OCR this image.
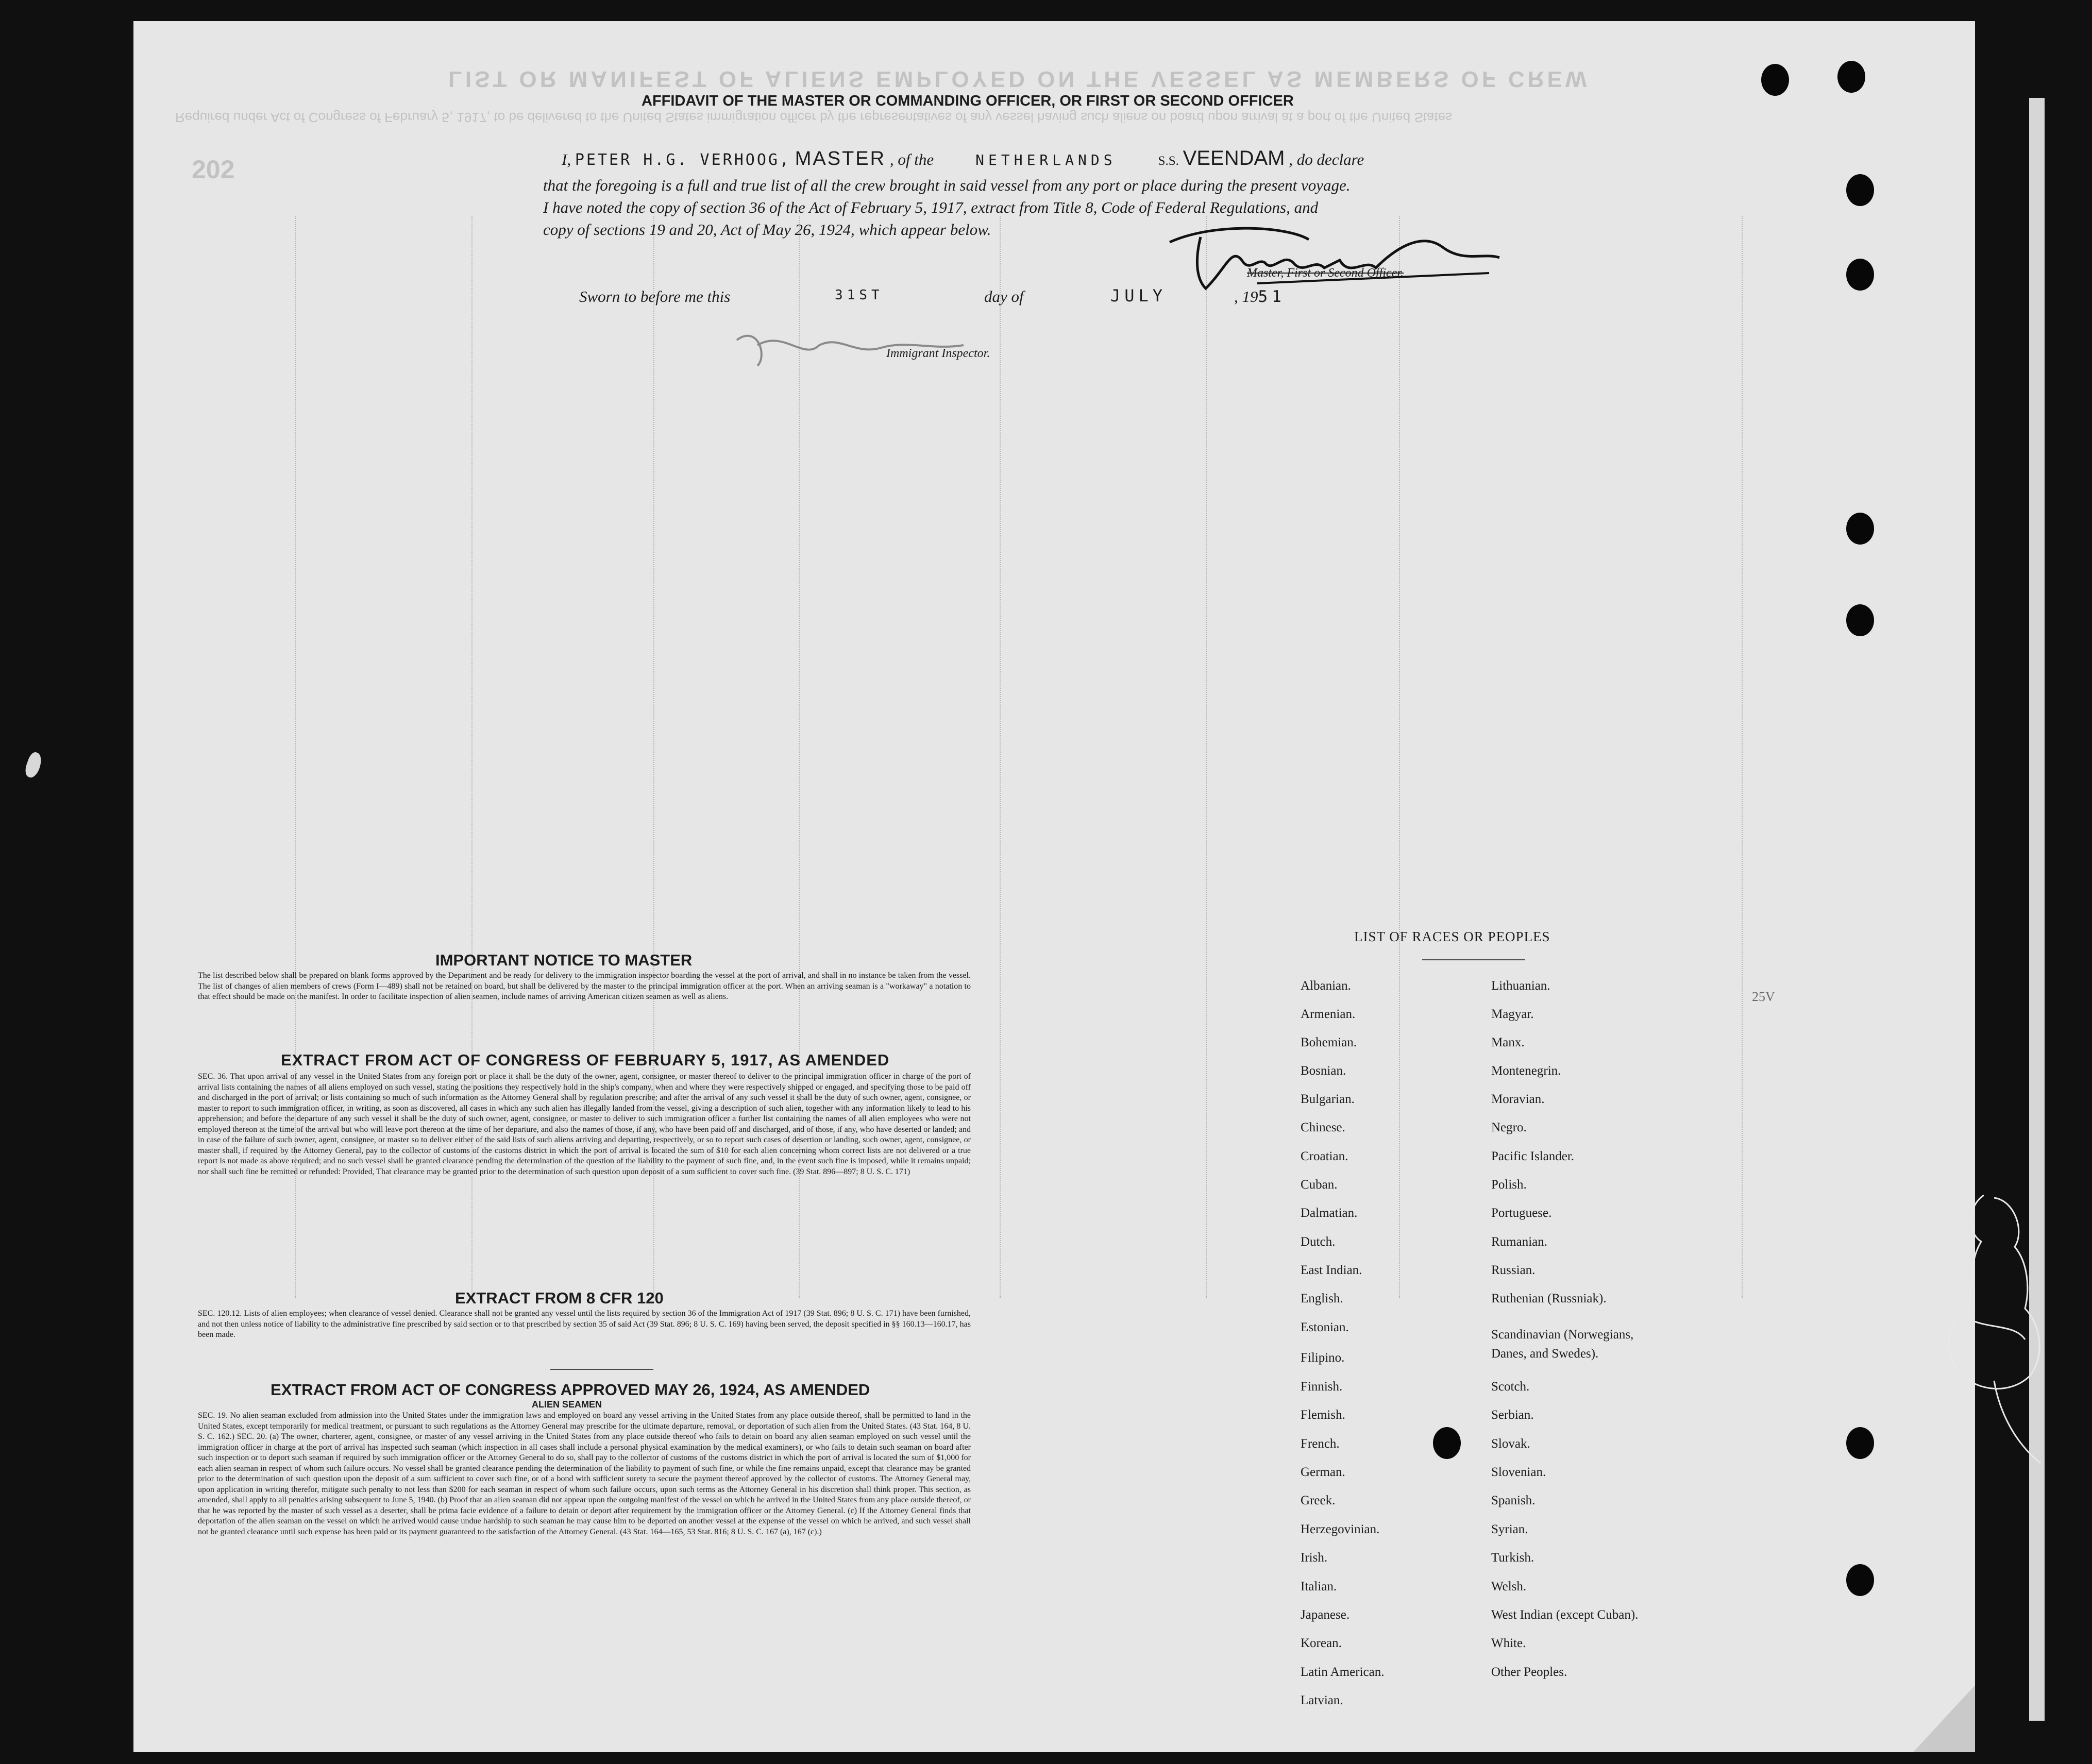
LIST OR MANIFEST OF ALIENS EMPLOYED ON THE VESSEL AS MEMBERS OF CREW
Required under Act of Congress of February 5, 1917, to be delivered to the United States immigration officer by the representatives of any vessel having such aliens on board upon arrival at a port of the United States
202
AFFIDAVIT OF THE MASTER OR COMMANDING OFFICER, OR FIRST OR SECOND OFFICER
I, PETER H.G. VERHOOG, MASTER , of the	NETHERLANDS	S.S. VEENDAM , do declare
that the foregoing is a full and true list of all the crew brought in said vessel from any port or place during the present voyage.
I have noted the copy of section 36 of the Act of February 5, 1917, extract from Title 8, Code of Federal Regulations, and
copy of sections 19 and 20, Act of May 26, 1924, which appear below.
Master, First or Second Officer.
Sworn to before me this	31ST	day of	JULY	, 1951
Immigrant Inspector.
IMPORTANT NOTICE TO MASTER
The list described below shall be prepared on blank forms approved by the Department and be ready for delivery to the immigration inspector boarding the vessel at the port of arrival, and shall in no instance be taken from the vessel. The list of changes of alien members of crews (Form I—489) shall not be retained on board, but shall be delivered by the master to the principal immigration officer at the port. When an arriving seaman is a "workaway" a notation to that effect should be made on the manifest. In order to facilitate inspection of alien seamen, include names of arriving American citizen seamen as well as aliens.
EXTRACT FROM ACT OF CONGRESS OF FEBRUARY 5, 1917, AS AMENDED
SEC. 36. That upon arrival of any vessel in the United States from any foreign port or place it shall be the duty of the owner, agent, consignee, or master thereof to deliver to the principal immigration officer in charge of the port of arrival lists containing the names of all aliens employed on such vessel, stating the positions they respectively hold in the ship's company, when and where they were respectively shipped or engaged, and specifying those to be paid off and discharged in the port of arrival; or lists containing so much of such information as the Attorney General shall by regulation prescribe; and after the arrival of any such vessel it shall be the duty of such owner, agent, consignee, or master to report to such immigration officer, in writing, as soon as discovered, all cases in which any such alien has illegally landed from the vessel, giving a description of such alien, together with any information likely to lead to his apprehension; and before the departure of any such vessel it shall be the duty of such owner, agent, consignee, or master to deliver to such immigration officer a further list containing the names of all alien employees who were not employed thereon at the time of the arrival but who will leave port thereon at the time of her departure, and also the names of those, if any, who have been paid off and discharged, and of those, if any, who have deserted or landed; and in case of the failure of such owner, agent, consignee, or master so to deliver either of the said lists of such aliens arriving and departing, respectively, or so to report such cases of desertion or landing, such owner, agent, consignee, or master shall, if required by the Attorney General, pay to the collector of customs of the customs district in which the port of arrival is located the sum of $10 for each alien concerning whom correct lists are not delivered or a true report is not made as above required; and no such vessel shall be granted clearance pending the determination of the question of the liability to the payment of such fine, and, in the event such fine is imposed, while it remains unpaid; nor shall such fine be remitted or refunded: Provided, That clearance may be granted prior to the determination of such question upon deposit of a sum sufficient to cover such fine. (39 Stat. 896—897; 8 U. S. C. 171)
EXTRACT FROM 8 CFR 120
SEC. 120.12. Lists of alien employees; when clearance of vessel denied. Clearance shall not be granted any vessel until the lists required by section 36 of the Immigration Act of 1917 (39 Stat. 896; 8 U. S. C. 171) have been furnished, and not then unless notice of liability to the administrative fine prescribed by said section or to that prescribed by section 35 of said Act (39 Stat. 896; 8 U. S. C. 169) having been served, the deposit specified in §§ 160.13—160.17, has been made.
EXTRACT FROM ACT OF CONGRESS APPROVED MAY 26, 1924, AS AMENDED
ALIEN SEAMEN
SEC. 19. No alien seaman excluded from admission into the United States under the immigration laws and employed on board any vessel arriving in the United States from any place outside thereof, shall be permitted to land in the United States, except temporarily for medical treatment, or pursuant to such regulations as the Attorney General may prescribe for the ultimate departure, removal, or deportation of such alien from the United States. (43 Stat. 164, 8 U. S. C. 162.) SEC. 20. (a) The owner, charterer, agent, consignee, or master of any vessel arriving in the United States from any place outside thereof who fails to detain on board any alien seaman employed on such vessel until the immigration officer in charge at the port of arrival has inspected such seaman (which inspection in all cases shall include a personal physical examination by the medical examiners), or who fails to detain such seaman on board after such inspection or to deport such seaman if required by such immigration officer or the Attorney General to do so, shall pay to the collector of customs of the customs district in which the port of arrival is located the sum of $1,000 for each alien seaman in respect of whom such failure occurs. No vessel shall be granted clearance pending the determination of the liability to payment of such fine, or while the fine remains unpaid, except that clearance may be granted prior to the determination of such question upon the deposit of a sum sufficient to cover such fine, or of a bond with sufficient surety to secure the payment thereof approved by the collector of customs. The Attorney General may, upon application in writing therefor, mitigate such penalty to not less than $200 for each seaman in respect of whom such failure occurs, upon such terms as the Attorney General in his discretion shall think proper. This section, as amended, shall apply to all penalties arising subsequent to June 5, 1940. (b) Proof that an alien seaman did not appear upon the outgoing manifest of the vessel on which he arrived in the United States from any place outside thereof, or that he was reported by the master of such vessel as a deserter, shall be prima facie evidence of a failure to detain or deport after requirement by the immigration officer or the Attorney General. (c) If the Attorney General finds that deportation of the alien seaman on the vessel on which he arrived would cause undue hardship to such seaman he may cause him to be deported on another vessel at the expense of the vessel on which he arrived, and such vessel shall not be granted clearance until such expense has been paid or its payment guaranteed to the satisfaction of the Attorney General. (43 Stat. 164—165, 53 Stat. 816; 8 U. S. C. 167 (a), 167 (c).)
LIST OF RACES OR PEOPLES
Albanian.
Armenian.
Bohemian.
Bosnian.
Bulgarian.
Chinese.
Croatian.
Cuban.
Dalmatian.
Dutch.
East Indian.
English.
Estonian.
Filipino.
Finnish.
Flemish.
French.
German.
Greek.
Herzegovinian.
Irish.
Italian.
Japanese.
Korean.
Latin American.
Latvian.
Lithuanian.
Magyar.
Manx.
Montenegrin.
Moravian.
Negro.
Pacific Islander.
Polish.
Portuguese.
Rumanian.
Russian.
Ruthenian (Russniak).
Scandinavian (Norwegians,
Danes, and Swedes).
Scotch.
Serbian.
Slovak.
Slovenian.
Spanish.
Syrian.
Turkish.
Welsh.
West Indian (except Cuban).
White.
Other Peoples.
25V
